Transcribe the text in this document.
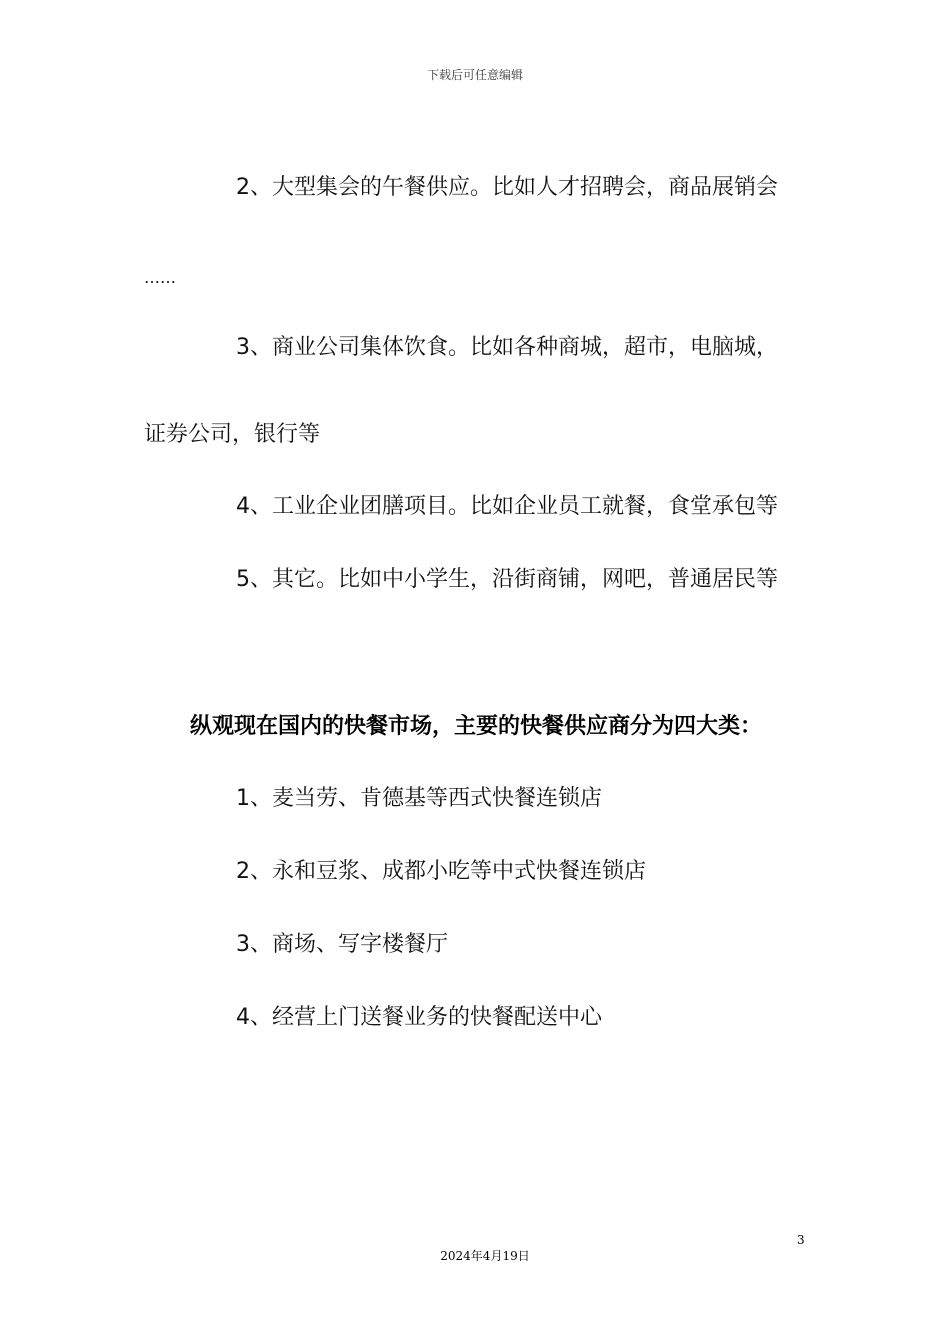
下载后可任意编辑
2、大型集会的午餐供应。比如人才招聘会，商品展销会
……
3、商业公司集体饮食。比如各种商城，超市，电脑城，
证券公司，银行等
4、工业企业团膳项目。比如企业员工就餐，食堂承包等
5、其它。比如中小学生，沿街商铺，网吧，普通居民等
纵观现在国内的快餐市场，主要的快餐供应商分为四大类：
1、麦当劳、肯德基等西式快餐连锁店
2、永和豆浆、成都小吃等中式快餐连锁店
3、商场、写字楼餐厅
4、经营上门送餐业务的快餐配送中心
3
2024年4月19日
